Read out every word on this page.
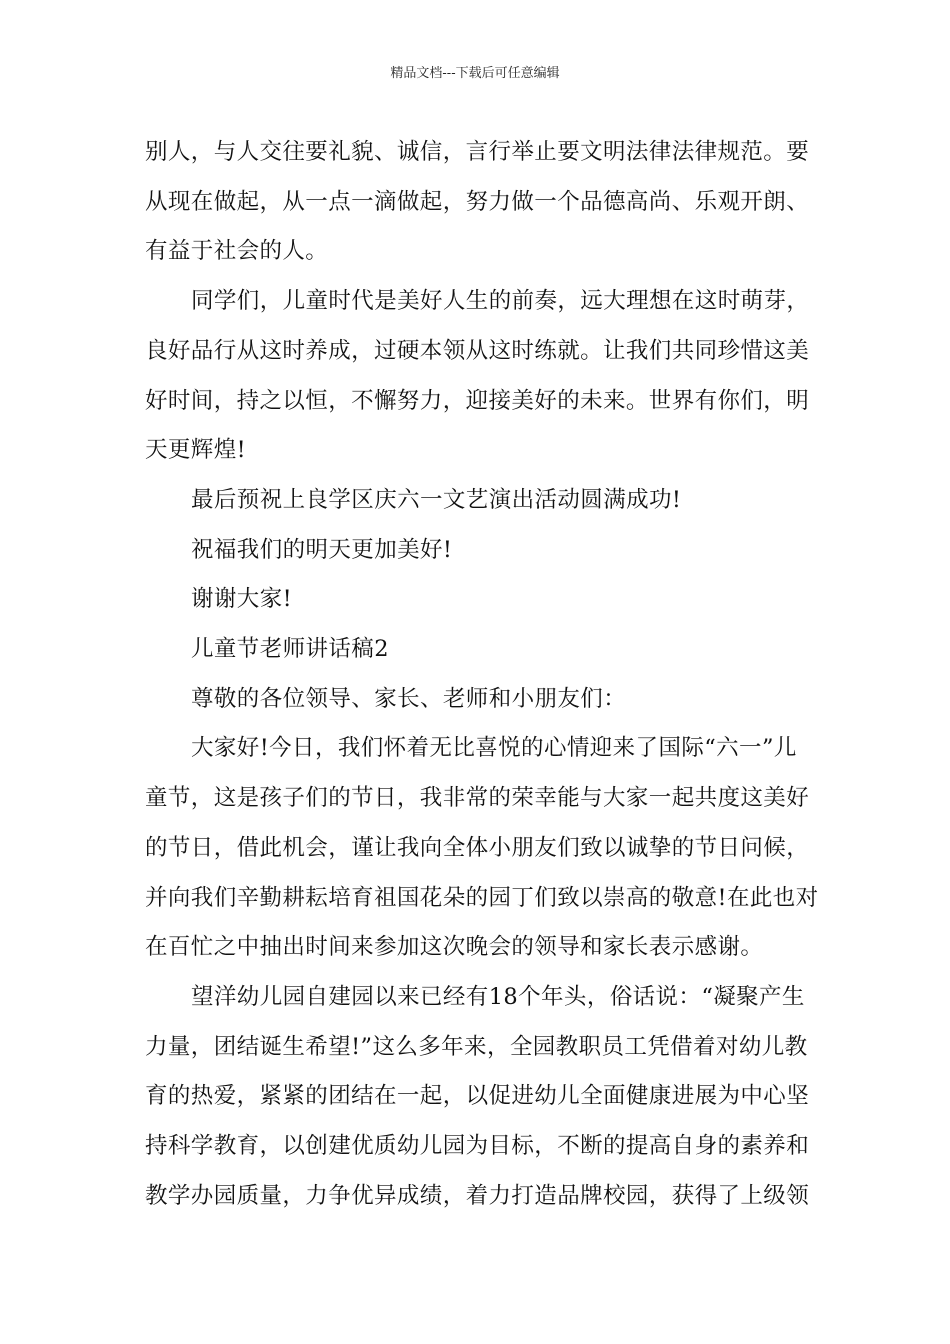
精品文档---下载后可任意编辑
别人，与人交往要礼貌、诚信，言行举止要文明法律法律规范。要
从现在做起，从一点一滴做起，努力做一个品德高尚、乐观开朗、
有益于社会的人。
同学们，儿童时代是美好人生的前奏，远大理想在这时萌芽，
良好品行从这时养成，过硬本领从这时练就。让我们共同珍惜这美
好时间，持之以恒，不懈努力，迎接美好的未来。世界有你们，明
天更辉煌!
最后预祝上良学区庆六一文艺演出活动圆满成功!
祝福我们的明天更加美好!
谢谢大家!
儿童节老师讲话稿2
尊敬的各位领导、家长、老师和小朋友们：
大家好!今日，我们怀着无比喜悦的心情迎来了国际“六一”儿
童节，这是孩子们的节日，我非常的荣幸能与大家一起共度这美好
的节日，借此机会，谨让我向全体小朋友们致以诚挚的节日问候，
并向我们辛勤耕耘培育祖国花朵的园丁们致以崇高的敬意!在此也对
在百忙之中抽出时间来参加这次晚会的领导和家长表示感谢。
望洋幼儿园自建园以来已经有18个年头，俗话说：“凝聚产生
力量，团结诞生希望!”这么多年来，全园教职员工凭借着对幼儿教
育的热爱，紧紧的团结在一起，以促进幼儿全面健康进展为中心坚
持科学教育，以创建优质幼儿园为目标，不断的提高自身的素养和
教学办园质量，力争优异成绩，着力打造品牌校园，获得了上级领
